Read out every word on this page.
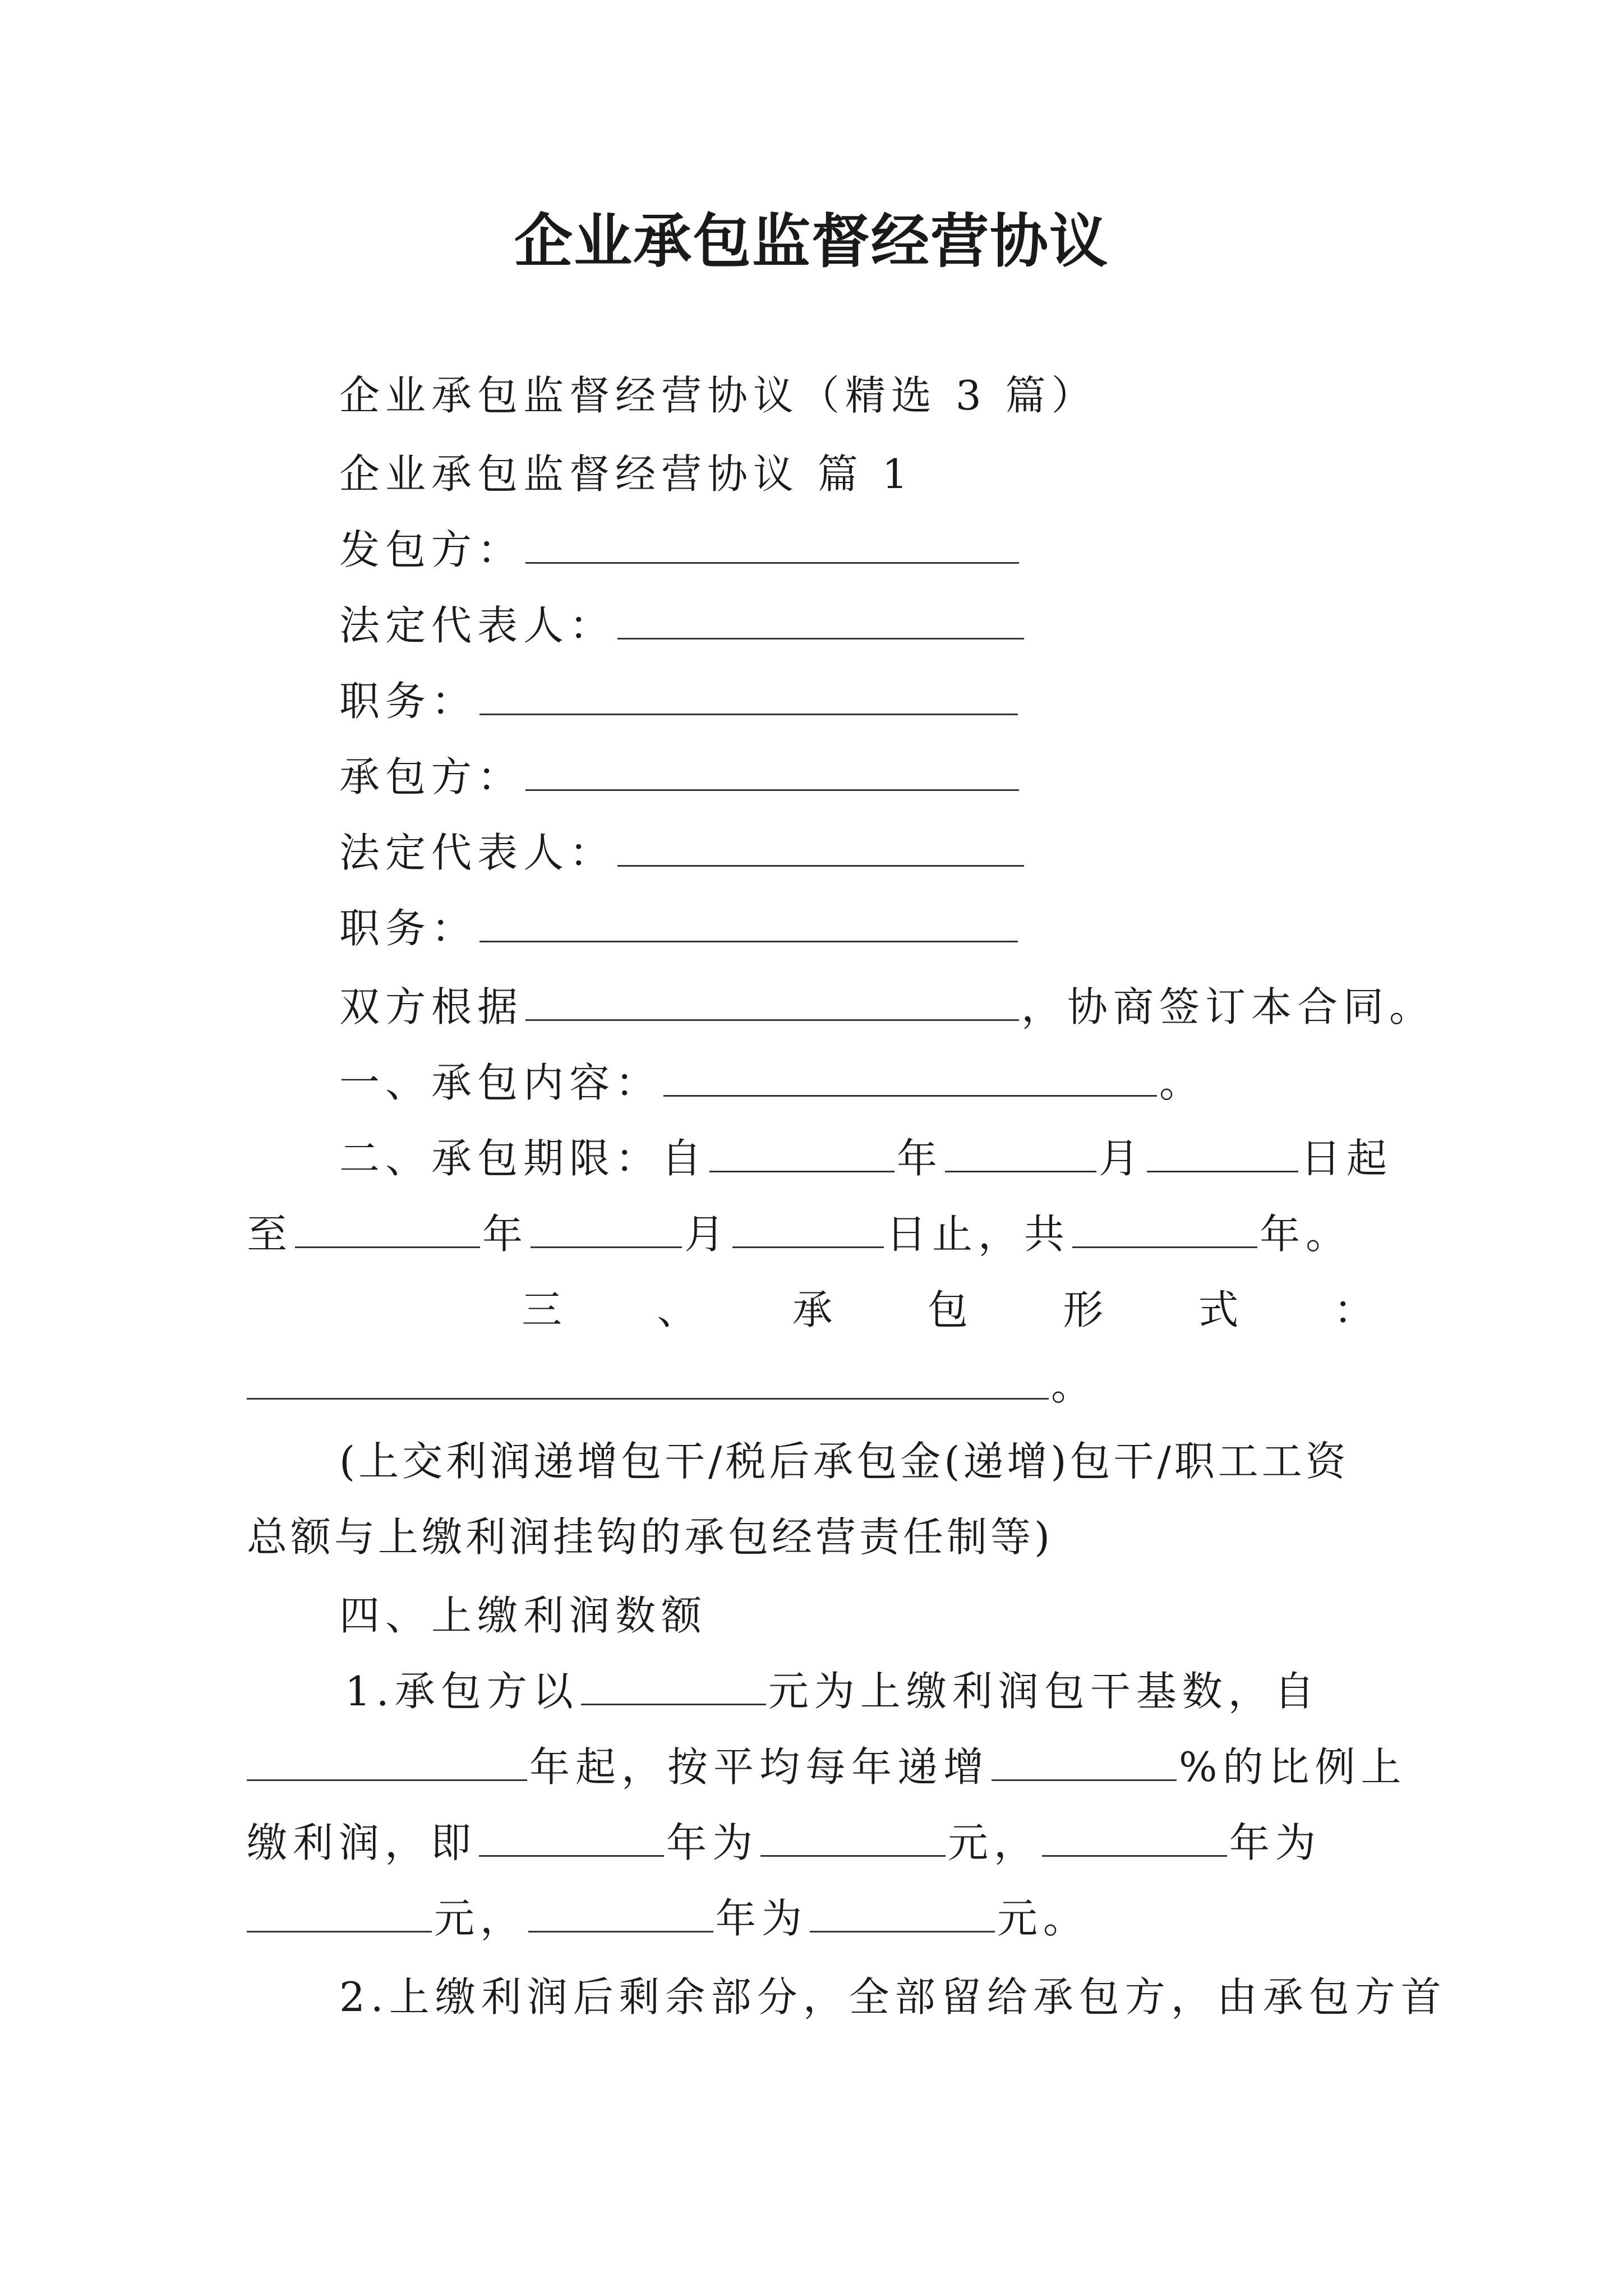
企业承包监督经营协议
企业承包监督经营协议（精选 3 篇）
企业承包监督经营协议 篇 1
发包方：
法定代表人：
职务：
承包方：
法定代表人：
职务：
双方根据	，协商签订本合同。
一、承包内容：	。
二、承包期限：自	年	月	日起
至	年	月	日止，共	年。
三 、 承 包 形 式 ：
。
(上交利润递增包干/税后承包金(递增)包干/职工工资
总额与上缴利润挂钩的承包经营责任制等)
四、上缴利润数额
1.承包方以	元为上缴利润包干基数，自
年起，按平均每年递增	%的比例上
缴利润，即	年为	元，	年为
元，	年为	元。
2.上缴利润后剩余部分，全部留给承包方，由承包方首
